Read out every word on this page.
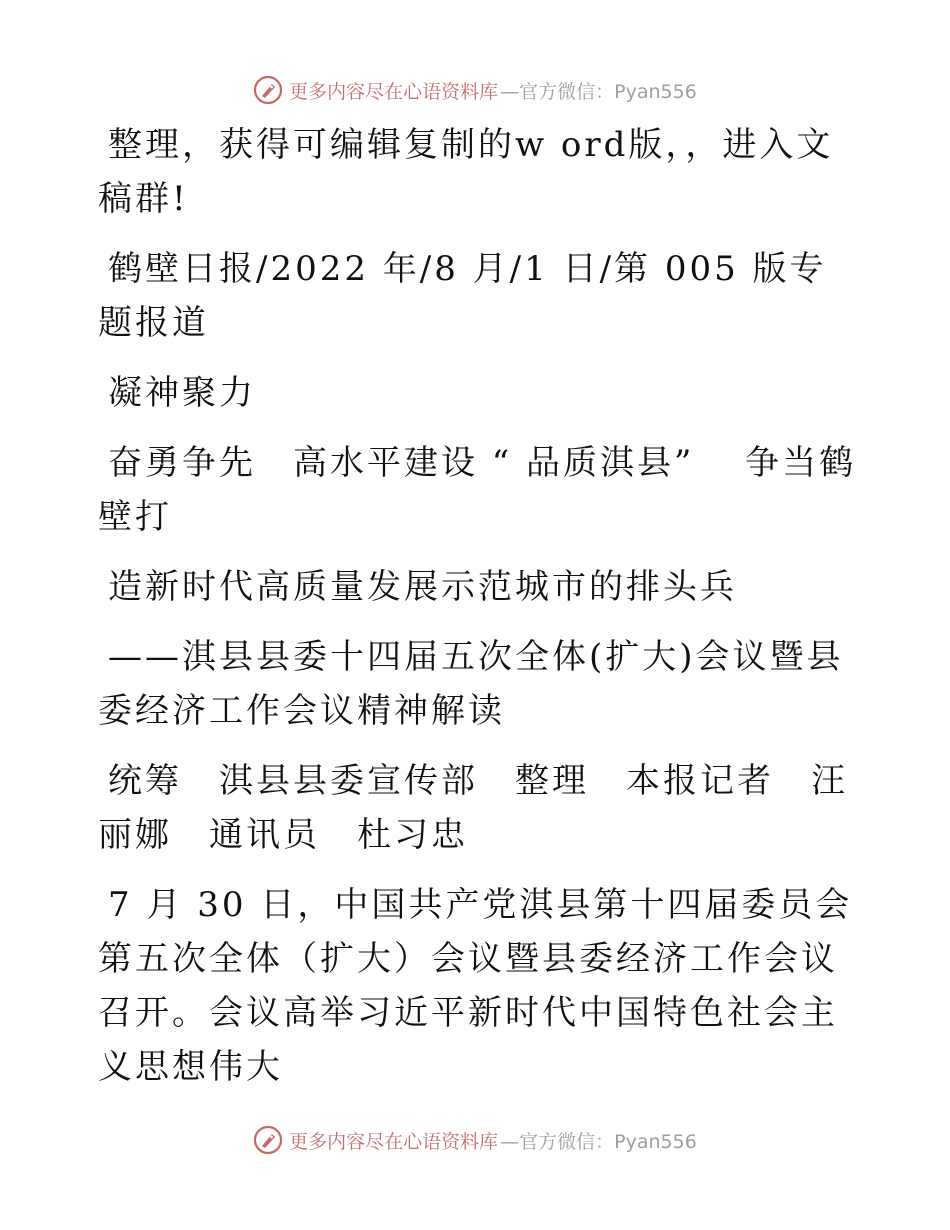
更多内容尽在心语资料库 —官方微信：Pyan556

整理，获得可编辑复制的w ord版，，进入文稿群!

鹤壁日报/2022 年/8 月/1 日/第 005 版专题报道

凝神聚力

奋勇争先　高水平建设 “ 品质淇县”　 争当鹤壁打

造新时代高质量发展示范城市的排头兵

——淇县县委十四届五次全体(扩大)会议暨县委经济工作会议精神解读

统筹　淇县县委宣传部　整理　本报记者　汪丽娜　通讯员　杜习忠

7 月 30 日，中国共产党淇县第十四届委员会第五次全体（扩大）会议暨县委经济工作会议召开。会议高举习近平新时代中国特色社会主义思想伟大

更多内容尽在心语资料库 —官方微信：Pyan556
